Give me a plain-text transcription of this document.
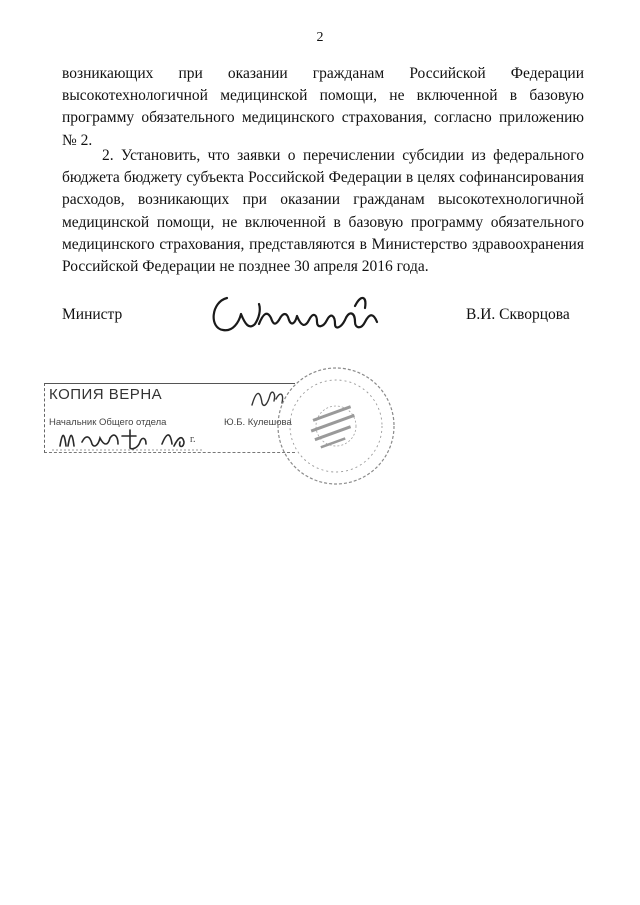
2

возникающих при оказании гражданам Российской Федерации высокотехнологичной медицинской помощи, не включенной в базовую программу обязательного медицинского страхования, согласно приложению № 2.

2. Установить, что заявки о перечислении субсидии из федерального бюджета бюджету субъекта Российской Федерации в целях софинансирования расходов, возникающих при оказании гражданам высокотехнологичной медицинской помощи, не включенной в базовую программу обязательного медицинского страхования, представляются в Министерство здравоохранения Российской Федерации не позднее 30 апреля 2016 года.

Министр	В.И. Скворцова
КОПИЯ ВЕРНА
Начальник Общего отдела	Ю.Б. Кулешова
г.
